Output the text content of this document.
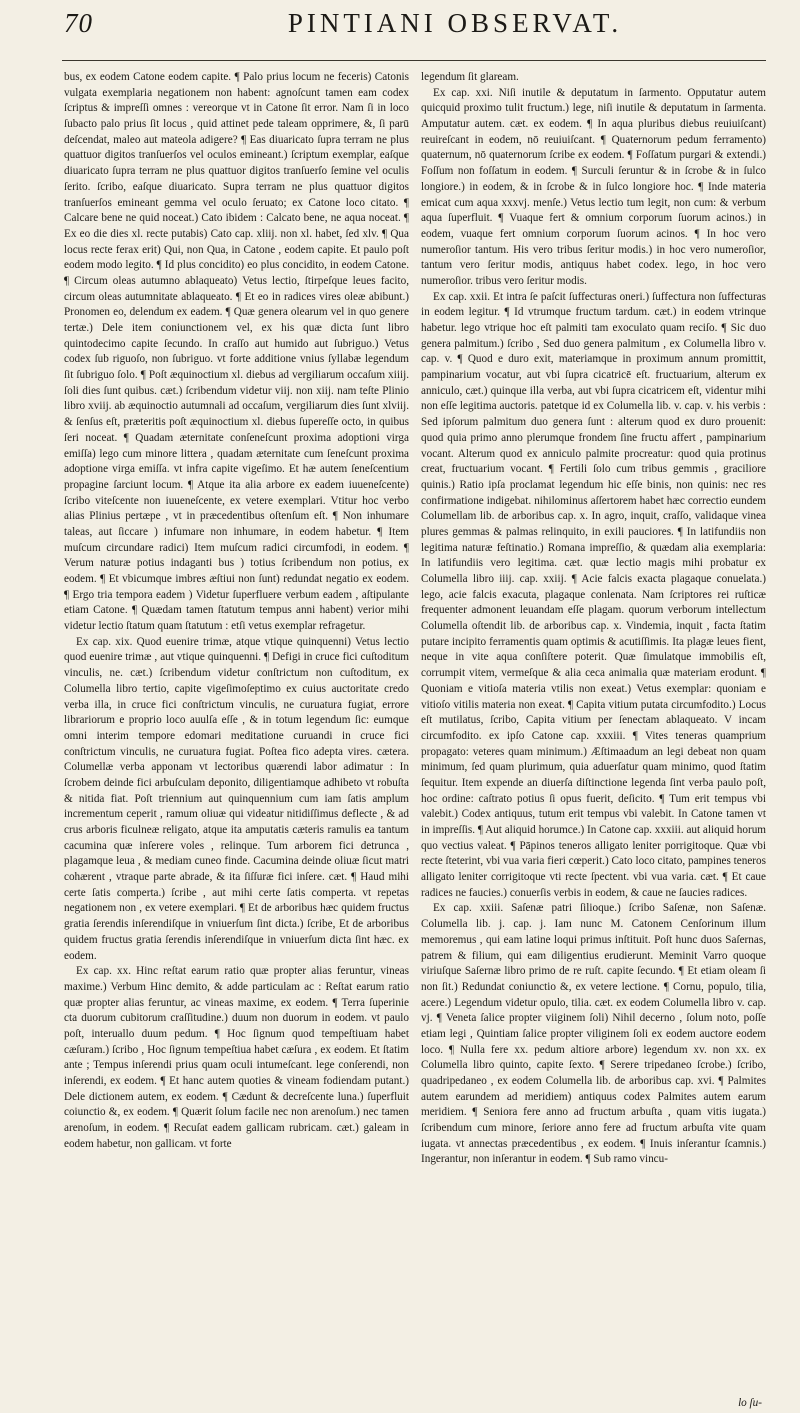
70	PINTIANI OBSERVAT.

bus, ex eodem Catone eodem capite. ¶ Palo prius locum ne feceris) Catonis vulgata exemplaria negationem non habent: agnoſcunt tamen eam codex ſcriptus & impreſſi omnes : vereorque vt in Catone ſit error. Nam ſi in loco ſubacto palo prius ſit locus , quid attinet pede taleam opprimere, &, ſi parū deſcendat, maleo aut mateola adigere? ¶ Eas diuaricato ſupra terram ne plus quattuor digitos tranſuerſos vel oculos emineant.) ſcriptum exemplar, eaſque diuaricato ſupra terram ne plus quattuor digitos tranſuerſo ſemine vel oculis ſerito. ſcribo, eaſque diuaricato. Supra terram ne plus quattuor digitos tranſuerſos emineant gemma vel oculo ſeruato; ex Catone loco citato. ¶ Calcare bene ne quid noceat.) Cato ibidem : Calcato bene, ne aqua noceat. ¶ Ex eo die dies xl. recte putabis) Cato cap. xliij. non xl. habet, ſed xlv. ¶ Qua locus recte ferax erit) Qui, non Qua, in Catone , eodem capite. Et paulo poſt eodem modo legito. ¶ Id plus concidito) eo plus concidito, in eodem Catone. ¶ Circum oleas autumno ablaqueato) Vetus lectio, ſtirpeſque leues facito, circum oleas autumnitate ablaqueato. ¶ Et eo in radices vires oleæ abibunt.) Pronomen eo, delendum ex eadem. ¶ Quæ genera olearum vel in quo genere tertæ.) Dele item coniunctionem vel, ex his quæ dicta ſunt libro quintodecimo capite ſecundo. In craſſo aut humido aut ſubriguo.) Vetus codex ſub riguoſo, non ſubriguo. vt forte additione vnius ſyllabæ legendum ſit ſubriguo ſolo. ¶ Poſt æquinoctium xl. diebus ad vergiliarum occaſum xiiij. ſoli dies ſunt quibus. cæt.) ſcribendum videtur viij. non xiij. nam teſte Plinio libro xviij. ab æquinoctio autumnali ad occaſum, vergiliarum dies ſunt xlviij. & ſenſus eſt, præteritis poſt æquinoctium xl. diebus ſupereſſe octo, in quibus ſeri noceat. ¶ Quadam æternitate conſeneſcunt proxima adoptioni virga emiſſa) lego cum minore littera , quadam æternitate cum ſeneſcunt proxima adoptione virga emiſſa. vt infra capite vigeſimo. Et hæ autem ſeneſcentium propagine ſarciunt locum. ¶ Atque ita alia arbore ex eadem iuueneſcente) ſcribo viteſcente non iuueneſcente, ex vetere exemplari. Vtitur hoc verbo alias Plinius pertæpe , vt in præcedentibus oſtenſum eſt. ¶ Non inhumare taleas, aut ſiccare ) infumare non inhumare, in eodem habetur. ¶ Item muſcum circundare radici) Item muſcum radici circumfodi, in eodem. ¶ Verum naturæ potius indaganti bus ) totius ſcribendum non potius, ex eodem. ¶ Et vbicumque imbres æſtiui non ſunt) redundat negatio ex eodem. ¶ Ergo tria tempora eadem ) Videtur ſuperfluere verbum eadem , aſtipulante etiam Catone. ¶ Quædam tamen ſtatutum tempus anni habent) verior mihi videtur lectio ſtatum quam ſtatutum : etſi vetus exemplar refragetur.

Ex cap. xix. Quod euenire trimæ, atque vtique quinquenni) Vetus lectio quod euenire trimæ , aut vtique quinquenni. ¶ Defigi in cruce fici cuſtoditum vinculis, ne. cæt.) ſcribendum videtur conſtrictum non cuſtoditum, ex Columella libro tertio, capite vigeſimoſeptimo ex cuius auctoritate credo verba illa, in cruce fici conſtrictum vinculis, ne curuatura fugiat, errore librariorum e proprio loco auulſa eſſe , & in totum legendum ſic: eumque omni interim tempore edomari meditatione curuandi in cruce fici conſtrictum vinculis, ne curuatura fugiat. Poſtea fico adepta vires. cætera. Columellæ verba apponam vt lectoribus quærendi labor adimatur : In ſcrobem deinde fici arbuſculam deponito, diligentiamque adhibeto vt robuſta & nitida fiat. Poſt triennium aut quinquennium cum iam ſatis amplum incrementum ceperit , ramum oliuæ qui videatur nitidiſſimus deflecte , & ad crus arboris ficulneæ religato, atque ita amputatis cæteris ramulis ea tantum cacumina quæ inſerere voles , relinque. Tum arborem fici detrunca , plagamque leua , & mediam cuneo finde. Cacumina deinde oliuæ ſicut matri cohærent , vtraque parte abrade, & ita ſiſſuræ fici inſere. cæt. ¶ Haud mihi certe ſatis comperta.) ſcribe , aut mihi certe ſatis comperta. vt repetas negationem non , ex vetere exemplari. ¶ Et de arboribus hæc quidem fructus gratia ſerendis inſerendiſque in vniuerſum ſint dicta.) ſcribe, Et de arboribus quidem fructus gratia ſerendis inſerendiſque in vniuerſum dicta ſint hæc. ex eodem.

Ex cap. xx. Hinc reſtat earum ratio quæ propter alias feruntur, vineas maxime.) Verbum Hinc demito, & adde particulam ac : Reſtat earum ratio quæ propter alias feruntur, ac vineas maxime, ex eodem. ¶ Terra ſuperinie cta duorum cubitorum craſſitudine.) duum non duorum in eodem. vt paulo poſt, interuallo duum pedum. ¶ Hoc ſignum quod tempeſtiuam habet cæſuram.) ſcribo , Hoc ſignum tempeſtiua habet cæſura , ex eodem. Et ſtatim ante ; Tempus inſerendi prius quam oculi intumeſcant. lege conſerendi, non inſerendi, ex eodem. ¶ Et hanc autem quoties & vineam fodiendam putant.) Dele dictionem autem, ex eodem. ¶ Cædunt & decreſcente luna.) ſuperfluit coiunctio &, ex eodem. ¶ Quærit ſolum facile nec non arenoſum.) nec tamen arenoſum, in eodem. ¶ Recuſat eadem gallicam rubricam. cæt.) galeam in eodem habetur, non gallicam. vt forte

legendum ſit glaream.

Ex cap. xxi. Niſi inutile & deputatum in ſarmento. Opputatur autem quicquid proximo tulit fructum.) lege, niſi inutile & deputatum in ſarmenta. Amputatur autem. cæt. ex eodem. ¶ In aqua pluribus diebus reuiuiſcant) reuireſcant in eodem, nō reuiuiſcant. ¶ Quaternorum pedum ferramento) quaternum, nō quaternorum ſcribe ex eodem. ¶ Foſſatum purgari & extendi.) Foſſum non foſſatum in eodem. ¶ Surculi ſeruntur & in ſcrobe & in ſulco longiore.) in eodem, & in ſcrobe & in ſulco longiore hoc. ¶ Inde materia emicat cum aqua xxxvj. menſe.) Vetus lectio tum legit, non cum: & verbum aqua ſuperfluit. ¶ Vuaque fert & omnium corporum ſuorum acinos.) in eodem, vuaque fert omnium corporum ſuorum acinos. ¶ In hoc vero numeroſior tantum. His vero tribus ſeritur modis.) in hoc vero numeroſior, tantum vero ſeritur modis, antiquus habet codex. lego, in hoc vero numeroſior. tribus vero ſeritur modis.

Ex cap. xxii. Et intra ſe paſcit ſuffecturas oneri.) ſuffectura non ſuffecturas in eodem legitur. ¶ Id vtrumque fructum tardum. cæt.) in eodem vtrinque habetur. lego vtrique hoc eſt palmiti tam exoculato quam reciſo. ¶ Sic duo genera palmitum.) ſcribo , Sed duo genera palmitum , ex Columella libro v. cap. v. ¶ Quod e duro exit, materiamque in proximum annum promittit, pampinarium vocatur, aut vbi ſupra cicatricē eſt. fructuarium, alterum ex anniculo, cæt.) quinque illa verba, aut vbi ſupra cicatricem eſt, videntur mihi non eſſe legitima auctoris. patetque id ex Columella lib. v. cap. v. his verbis : Sed ipſorum palmitum duo genera ſunt : alterum quod ex duro prouenit: quod quia primo anno plerumque frondem ſine fructu affert , pampinarium vocant. Alterum quod ex anniculo palmite procreatur: quod quia protinus creat, fructuarium vocant. ¶ Fertili ſolo cum tribus gemmis , graciliore quinis.) Ratio ipſa proclamat legendum hic eſſe binis, non quinis: nec res confirmatione indigebat. nihilominus aſſertorem habet hæc correctio eundem Columellam lib. de arboribus cap. x. In agro, inquit, craſſo, validaque vinea plures gemmas & palmas relinquito, in exili pauciores. ¶ In latifundiis non legitima naturæ feſtinatio.) Romana impreſſio, & quædam alia exemplaria: In latifundiis vero legitima. cæt. quæ lectio magis mihi probatur ex Columella libro iiij. cap. xxiij. ¶ Acie falcis exacta plagaque conuelata.) lego, acie falcis exacuta, plagaque conlenata. Nam ſcriptores rei ruſticæ frequenter admonent leuandam eſſe plagam. quorum verborum intellectum Columella oſtendit lib. de arboribus cap. x. Vindemia, inquit , facta ſtatim putare incipito ferramentis quam optimis & acutiſſimis. Ita plagæ leues fient, neque in vite aqua conſiſtere poterit. Quæ ſimulatque immobilis eſt, corrumpit vitem, vermeſque & alia ceca animalia quæ materiam erodunt. ¶ Quoniam e vitioſa materia vtilis non exeat.) Vetus exemplar: quoniam e vitioſo vitilis materia non exeat. ¶ Capita vitium putata circumfodito.) Locus eſt mutilatus, ſcribo, Capita vitium per ſenectam ablaqueato. V incam circumfodito. ex ipſo Catone cap. xxxiii. ¶ Vites teneras quamprium propagato: veteres quam minimum.) Æſtimaadum an legi debeat non quam minimum, ſed quam plurimum, quia aduerſatur quam minimo, quod ſtatim ſequitur. Item expende an diuerſa diſtinctione legenda ſint verba paulo poſt, hoc ordine: caſtrato potius ſi opus fuerit, deſicito. ¶ Tum erit tempus vbi valebit.) Codex antiquus, tutum erit tempus vbi valebit. In Catone tamen vt in impreſſis. ¶ Aut aliquid horumce.) In Catone cap. xxxiii. aut aliquid horum quo vectius valeat. ¶ Pāpinos teneros alligato leniter porrigitoque. Quæ vbi recte ſteterint, vbi vua varia fieri cœperit.) Cato loco citato, pampines teneros alligato leniter corrigitoque vti recte ſpectent. vbi vua varia. cæt. ¶ Et caue radices ne faucies.) conuerſis verbis in eodem, & caue ne ſaucies radices.

Ex cap. xxiii. Saſenæ patri ſilioque.) ſcribo Saſenæ, non Saſenæ. Columella lib. j. cap. j. Iam nunc M. Catonem Cenſorinum illum memoremus , qui eam latine loqui primus inſtituit. Poſt hunc duos Saſernas, patrem & filium, qui eam diligentius erudierunt. Meminit Varro quoque viriuſque Saſernæ libro primo de re ruſt. capite ſecundo. ¶ Et etiam oleam ſi non ſit.) Redundat coniunctio &, ex vetere lectione. ¶ Cornu, populo, tilia, acere.) Legendum videtur opulo, tilia. cæt. ex eodem Columella libro v. cap. vj. ¶ Veneta ſalice propter viiginem ſoli) Nihil decerno , ſolum noto, poſſe etiam legi , Quintiam ſalice propter viliginem ſoli ex eodem auctore eodem loco. ¶ Nulla fere xx. pedum altiore arbore) legendum xv. non xx. ex Columella libro quinto, capite ſexto. ¶ Serere tripedaneo ſcrobe.) ſcribo, quadripedaneo , ex eodem Columella lib. de arboribus cap. xvi. ¶ Palmites autem earundem ad meridiem) antiquus codex Palmites autem earum meridiem. ¶ Seniora fere anno ad fructum arbuſta , quam vitis iugata.) ſcribendum cum minore, ſeriore anno fere ad fructum arbuſta vite quam iugata. vt annectas præcedentibus , ex eodem. ¶ Inuis inſerantur ſcamnis.) Ingerantur, non inſerantur in eodem. ¶ Sub ramo vincu-

lo ſu-
